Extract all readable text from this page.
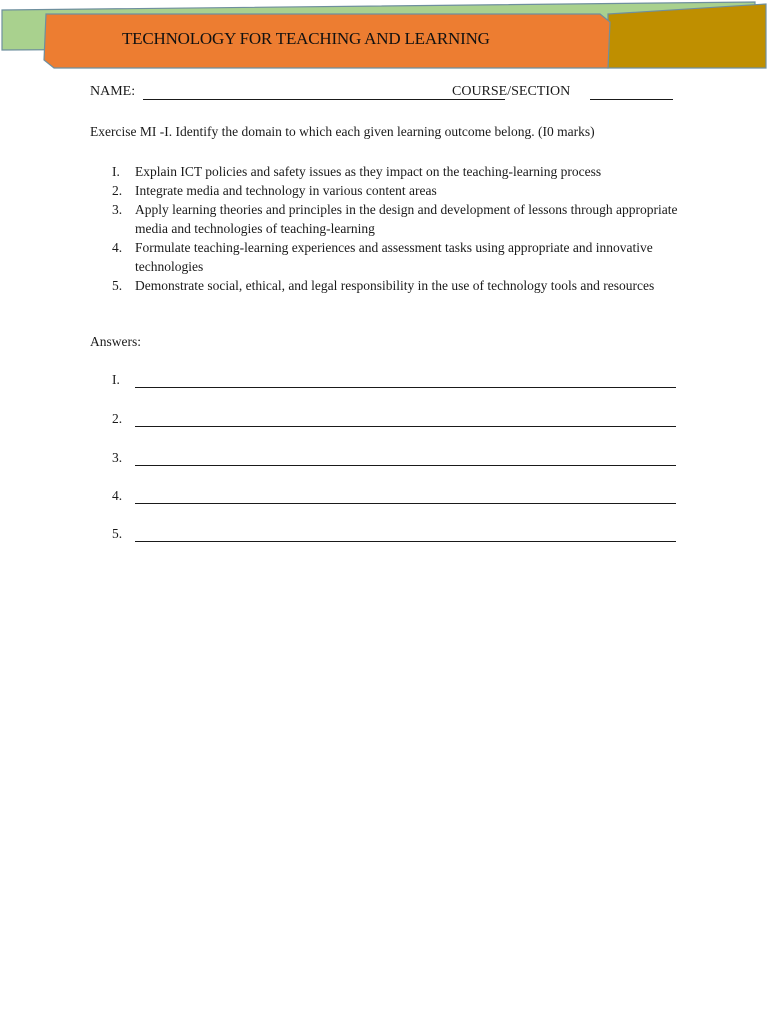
TECHNOLOGY FOR TEACHING AND LEARNING
NAME:	COURSE/SECTION
Exercise MI -I. Identify the domain to which each given learning outcome belong. (I0 marks)
I. Explain ICT policies and safety issues as they impact on the teaching-learning process
2. Integrate media and technology in various content areas
3. Apply learning theories and principles in the design and development of lessons through appropriate media and technologies of teaching-learning
4. Formulate teaching-learning experiences and assessment tasks using appropriate and innovative technologies
5. Demonstrate social, ethical, and legal responsibility in the use of technology tools and resources
Answers:
I.
2.
3.
4.
5.
